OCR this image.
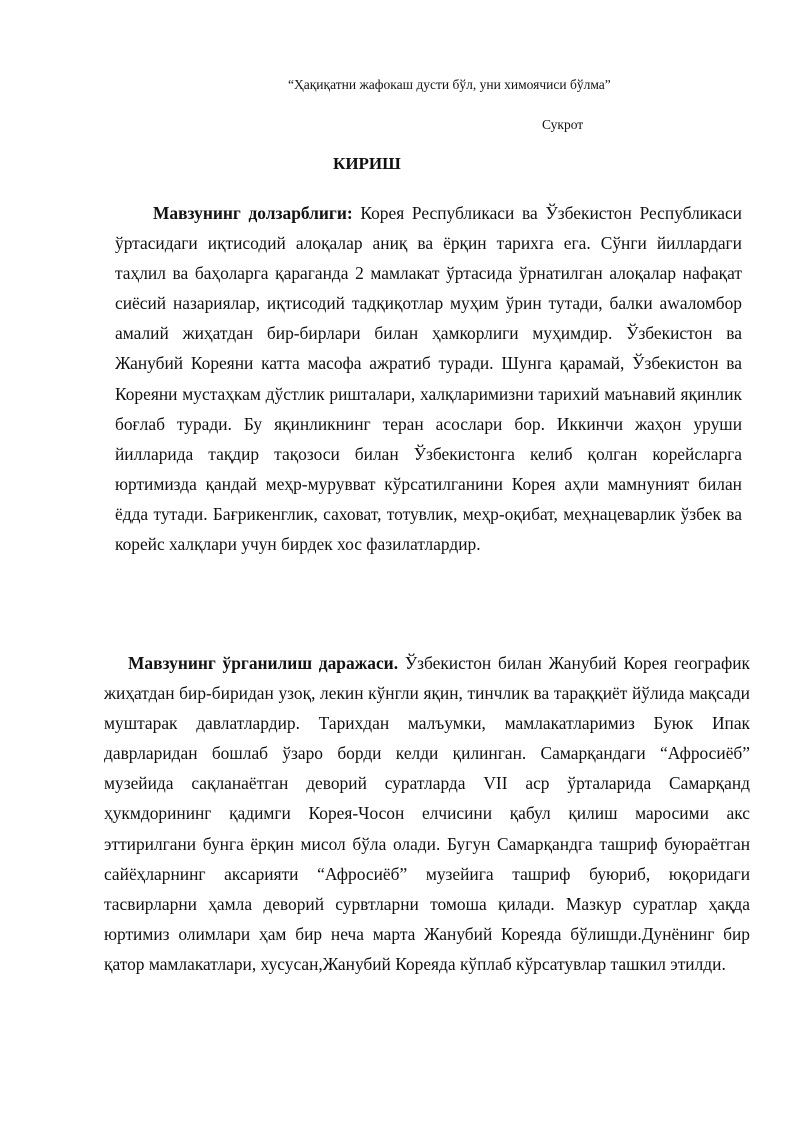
“Ҳақиқатни жафокаш дусти бўл, уни химоячиси бўлма”
Сукрот
КИРИШ

Мавзунинг долзарблиги: Корея Республикаси ва Ўзбекистон Республикаси ўртасидаги иқтисодий алоқалар аниқ ва ёрқин тарихга ега. Сўнги йиллардаги таҳлил ва баҳоларга қараганда 2 мамлакат ўртасида ўрнатилган алоқалар нафақат сиёсий назариялар, иқтисодий тадқиқотлар муҳим ўрин тутади, балки аwаломбор амалий жиҳатдан бир-бирлари билан ҳамкорлиги муҳимдир. Ўзбекистон ва Жанубий Кореяни катта масофа ажратиб туради. Шунга қарамай, Ўзбекистон ва Кореяни мустаҳкам дўстлик ришталари, халқларимизни тарихий маънавий яқинлик боғлаб туради. Бу яқинликнинг теран асослари бор. Иккинчи жаҳон уруши йилларида тақдир тақозоси билан Ўзбекистонга келиб қолган корейсларга юртимизда қандай меҳр-мурувват кўрсатилганини Корея аҳли мамнуният билан ёдда тутади. Бағрикенглик, саховат, тотувлик, меҳр-оқибат, меҳнацеварлик ўзбек ва корейс халқлари учун бирдек хос фазилатлардир.

Мавзунинг ўрганилиш даражаси. Ўзбекистон билан Жанубий Корея географик жиҳатдан бир-биридан узоқ, лекин кўнгли яқин, тинчлик ва тараққиёт йўлида мақсади муштарак давлатлардир. Тарихдан малъумки, мамлакатларимиз Буюк Ипак даврларидан бошлаб ўзаро борди келди қилинган. Самарқандаги “Афросиёб” музейида сақланаётган деворий суратларда VII аср ўрталарида Самарқанд ҳукмдорининг қадимги Корея-Чосон елчисини қабул қилиш маросими акс эттирилгани бунга ёрқин мисол бўла олади. Бугун Самарқандга ташриф буюраётган сайёҳларнинг аксарияти “Афросиёб” музейига ташриф буюриб, юқоридаги тасвирларни ҳамла деворий сурвтларни томоша қилади. Мазкур суратлар ҳақда юртимиз олимлари ҳам бир неча марта Жанубий Кореяда бўлишди.Дунёнинг бир қатор мамлакатлари, хусусан,Жанубий Кореяда кўплаб кўрсатувлар ташкил этилди.
